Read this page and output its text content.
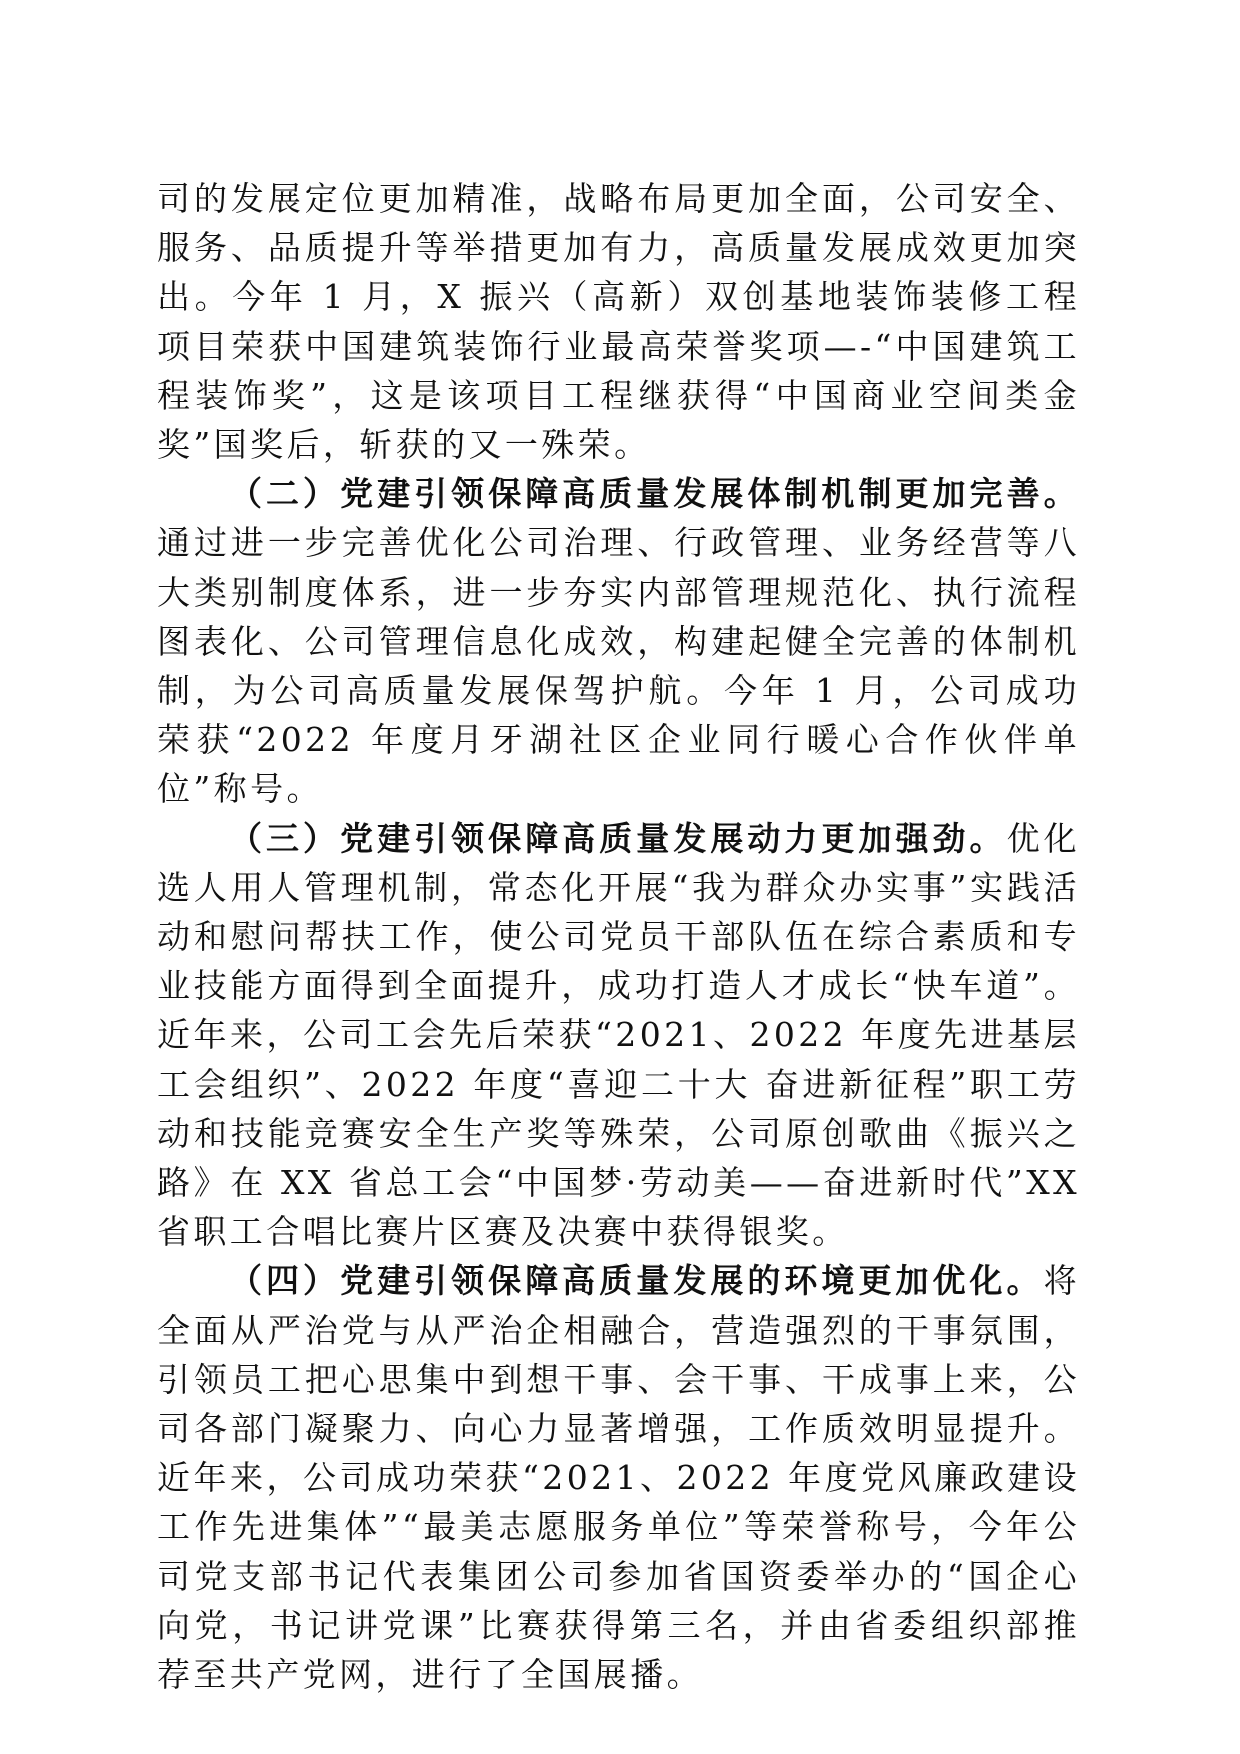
司的发展定位更加精准，战略布局更加全面，公司安全、服务、品质提升等举措更加有力，高质量发展成效更加突出。今年 1 月，X 振兴（高新）双创基地装饰装修工程项目荣获中国建筑装饰行业最高荣誉奖项—-“中国建筑工程装饰奖”，这是该项目工程继获得“中国商业空间类金奖”国奖后，斩获的又一殊荣。

（二）党建引领保障高质量发展体制机制更加完善。通过进一步完善优化公司治理、行政管理、业务经营等八大类别制度体系，进一步夯实内部管理规范化、执行流程图表化、公司管理信息化成效，构建起健全完善的体制机制，为公司高质量发展保驾护航。今年 1 月，公司成功荣获“2022 年度月牙湖社区企业同行暖心合作伙伴单位”称号。

（三）党建引领保障高质量发展动力更加强劲。优化选人用人管理机制，常态化开展“我为群众办实事”实践活动和慰问帮扶工作，使公司党员干部队伍在综合素质和专业技能方面得到全面提升，成功打造人才成长“快车道”。近年来，公司工会先后荣获“2021、2022 年度先进基层工会组织”、2022 年度“喜迎二十大 奋进新征程”职工劳动和技能竞赛安全生产奖等殊荣，公司原创歌曲《振兴之路》在 XX 省总工会“中国梦·劳动美——奋进新时代”XX 省职工合唱比赛片区赛及决赛中获得银奖。

（四）党建引领保障高质量发展的环境更加优化。将全面从严治党与从严治企相融合，营造强烈的干事氛围，引领员工把心思集中到想干事、会干事、干成事上来，公司各部门凝聚力、向心力显著增强，工作质效明显提升。近年来，公司成功荣获“2021、2022 年度党风廉政建设工作先进集体”“最美志愿服务单位”等荣誉称号，今年公司党支部书记代表集团公司参加省国资委举办的“国企心向党，书记讲党课”比赛获得第三名，并由省委组织部推荐至共产党网，进行了全国展播。
